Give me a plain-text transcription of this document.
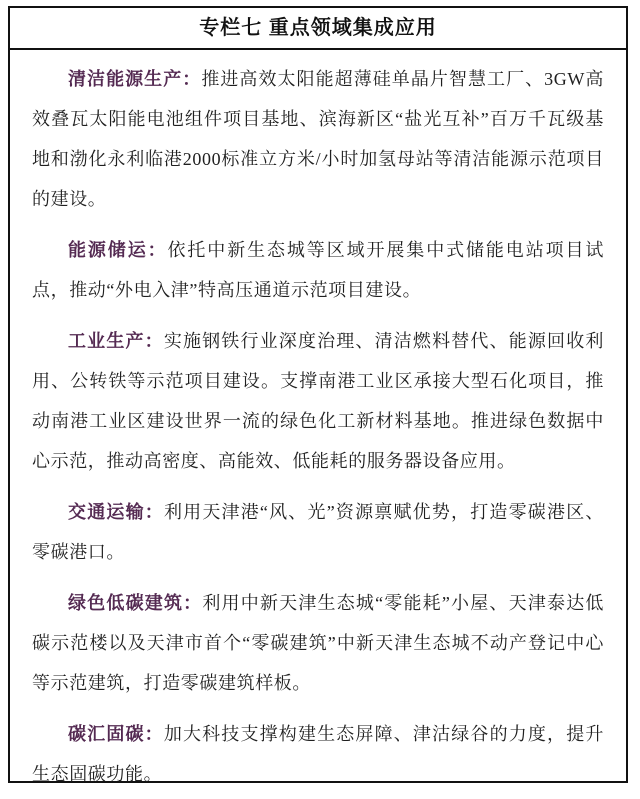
专栏七 重点领域集成应用

清洁能源生产：推进高效太阳能超薄硅单晶片智慧工厂、3GW高效叠瓦太阳能电池组件项目基地、滨海新区“盐光互补”百万千瓦级基地和渤化永利临港2000标准立方米/小时加氢母站等清洁能源示范项目的建设。

能源储运：依托中新生态城等区域开展集中式储能电站项目试点，推动“外电入津”特高压通道示范项目建设。

工业生产：实施钢铁行业深度治理、清洁燃料替代、能源回收利用、公转铁等示范项目建设。支撑南港工业区承接大型石化项目，推动南港工业区建设世界一流的绿色化工新材料基地。推进绿色数据中心示范，推动高密度、高能效、低能耗的服务器设备应用。

交通运输：利用天津港“风、光”资源禀赋优势，打造零碳港区、零碳港口。

绿色低碳建筑：利用中新天津生态城“零能耗”小屋、天津泰达低碳示范楼以及天津市首个“零碳建筑”中新天津生态城不动产登记中心等示范建筑，打造零碳建筑样板。

碳汇固碳：加大科技支撑构建生态屏障、津沽绿谷的力度，提升生态固碳功能。
